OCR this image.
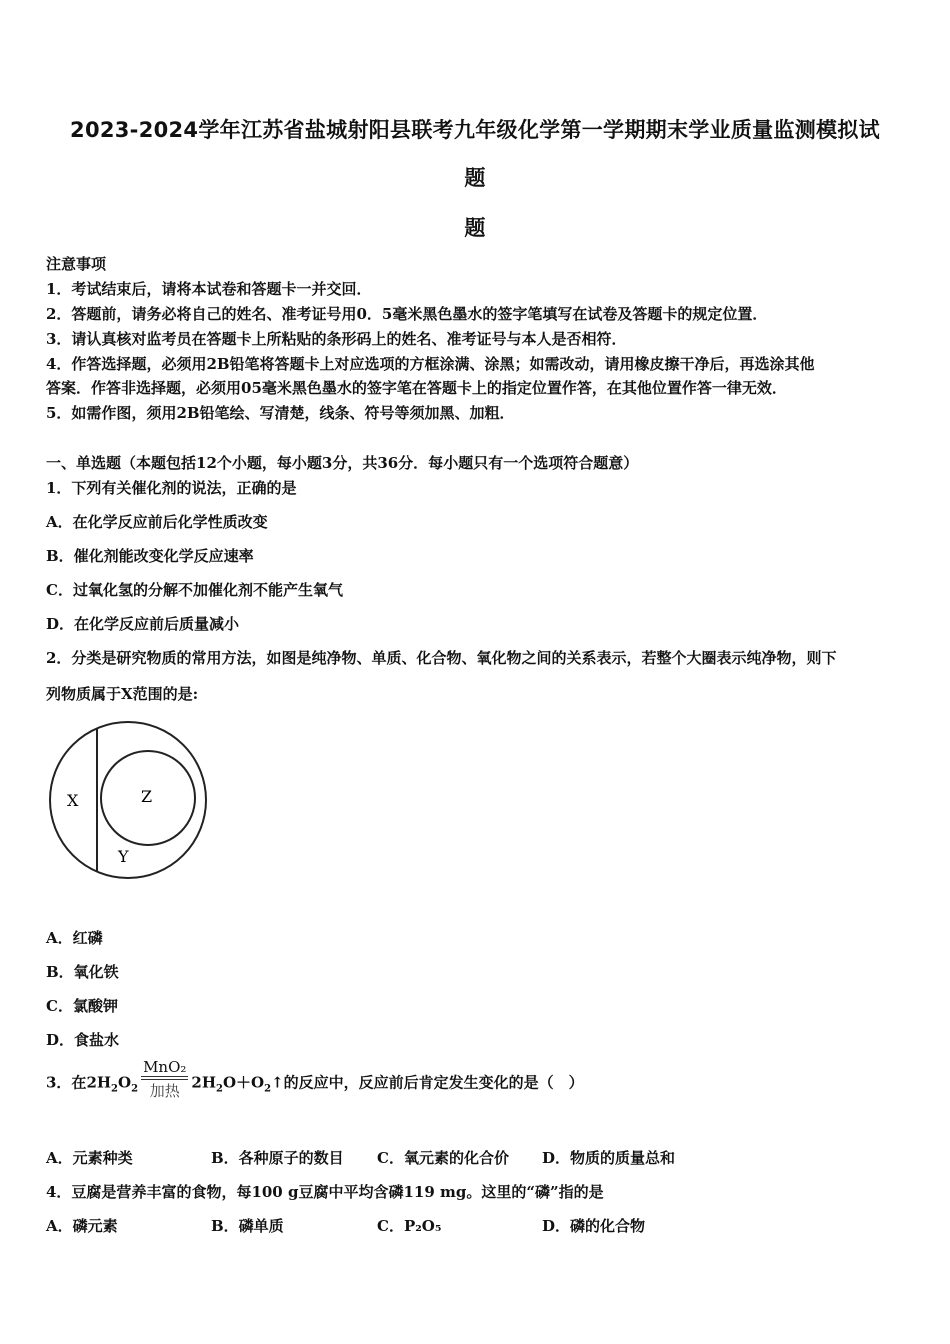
2023-2024学年江苏省盐城射阳县联考九年级化学第一学期期末学业质量监测模拟试
题
题
注意事项
1．考试结束后，请将本试卷和答题卡一并交回．
2．答题前，请务必将自己的姓名、准考证号用0．5毫米黑色墨水的签字笔填写在试卷及答题卡的规定位置．
3．请认真核对监考员在答题卡上所粘贴的条形码上的姓名、准考证号与本人是否相符．
4．作答选择题，必须用2B铅笔将答题卡上对应选项的方框涂满、涂黑；如需改动，请用橡皮擦干净后，再选涂其他
答案．作答非选择题，必须用05毫米黑色墨水的签字笔在答题卡上的指定位置作答，在其他位置作答一律无效．
5．如需作图，须用2B铅笔绘、写清楚，线条、符号等须加黑、加粗．
一、单选题（本题包括12个小题，每小题3分，共36分．每小题只有一个选项符合题意）
1．下列有关催化剂的说法，正确的是
A．在化学反应前后化学性质改变
B．催化剂能改变化学反应速率
C．过氧化氢的分解不加催化剂不能产生氧气
D．在化学反应前后质量减小
2．分类是研究物质的常用方法，如图是纯净物、单质、化合物、氧化物之间的关系表示，若整个大圈表示纯净物，则下
列物质属于X范围的是:
X	Z
Y
A．红磷
B．氧化铁
C．氯酸钾
D．食盐水
3．在$2H_2O_2$
MnO₂
加热 $2H_2O+O_2↑$的反应中，反应前后肯定发生变化的是（　）
A．元素种类	B．各种原子的数目 C．氧元素的化合价 D．物质的质量总和
4．豆腐是营养丰富的食物，每100 g豆腐中平均含磷119 mg。这里的“磷”指的是
A．磷元素	B．磷单质	C．P₂O₅	D．磷的化合物
